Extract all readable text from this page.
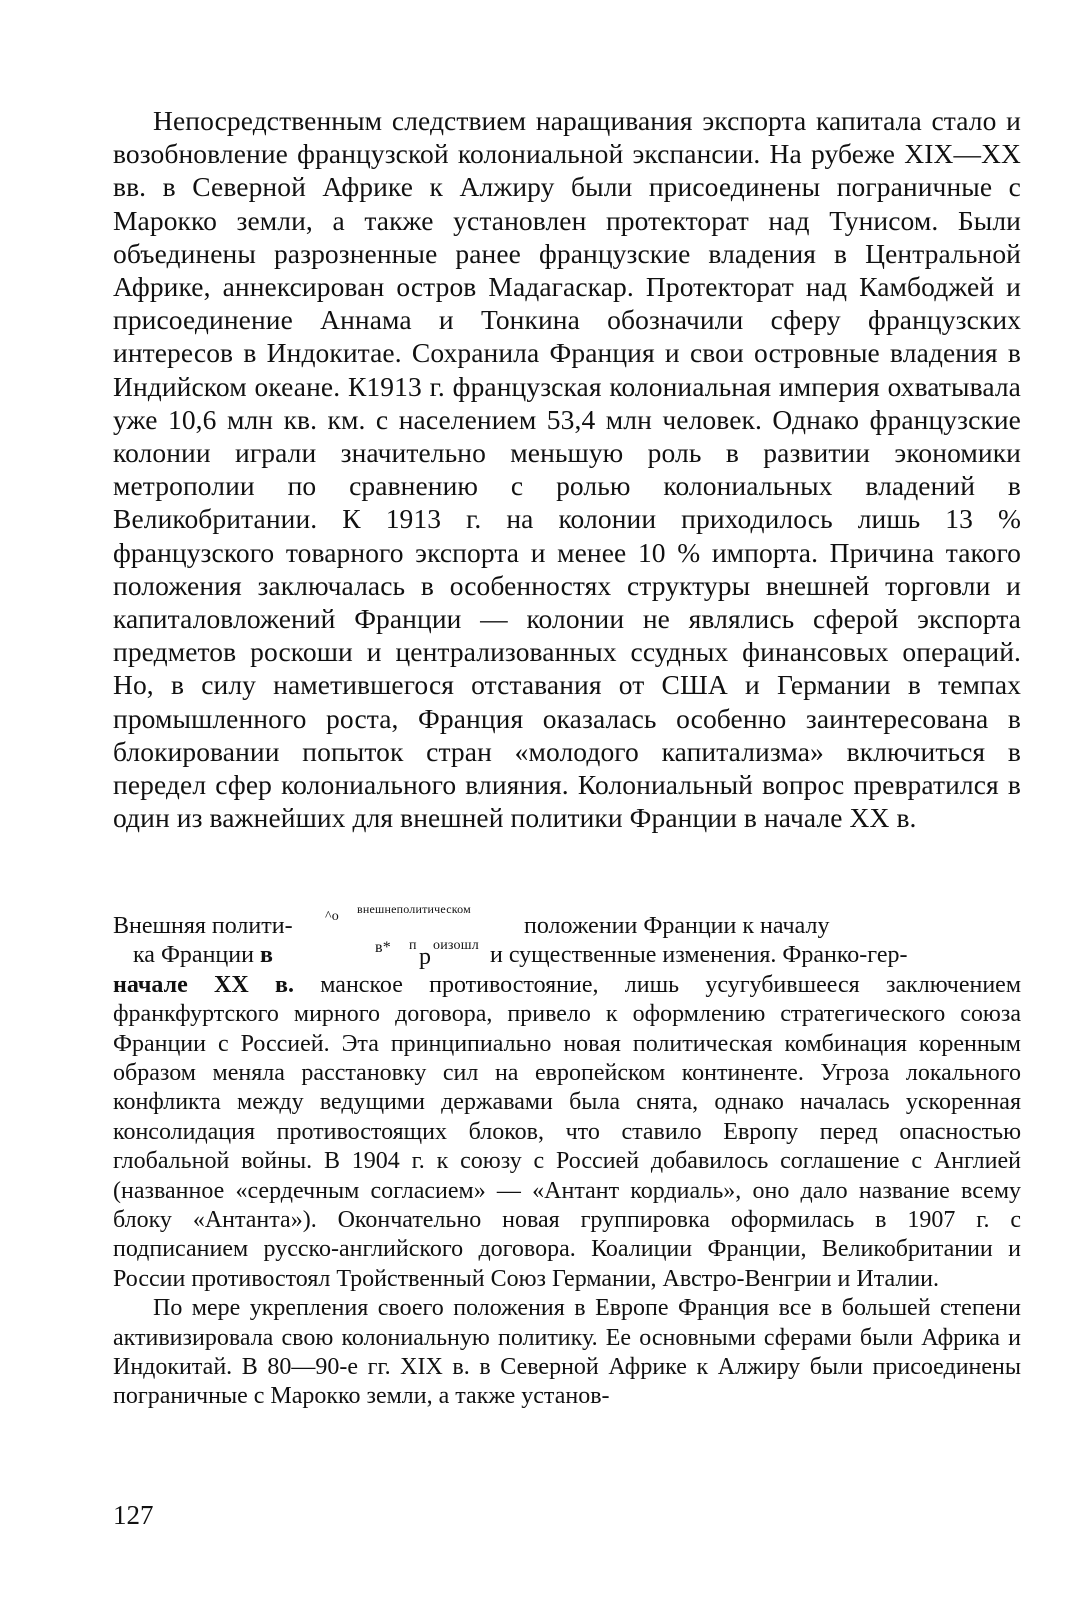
Непосредственным следствием наращивания экспорта капитала стало и возобновление французской колониальной экспансии. На рубеже XIX—XX вв. в Северной Африке к Алжиру были присоединены пограничные с Марокко земли, а также установлен протекторат над Тунисом. Были объединены разрозненные ранее французские владения в Центральной Африке, аннексирован остров Мадагаскар. Протекторат над Камбоджей и присоединение Аннама и Тонкина обозначили сферу французских интересов в Индокитае. Сохранила Франция и свои островные владения в Индийском океане. К1913 г. французская колониальная империя охватывала уже 10,6 млн кв. км. с населением 53,4 млн человек. Однако французские колонии играли значительно меньшую роль в развитии экономики метрополии по сравнению с ролью колониальных владений в Великобритании. К 1913 г. на колонии приходилось лишь 13 % французского товарного экспорта и менее 10 % импорта. Причина такого положения заключалась в особенностях структуры внешней торговли и капиталовложений Франции — колонии не являлись сферой экспорта предметов роскоши и централизованных ссудных финансовых операций. Но, в силу наметившегося отставания от США и Германии в темпах промышленного роста, Франция оказалась особенно заинтересована в блокировании попыток стран «молодого капитализма» включиться в передел сфер колониального влияния. Колониальный вопрос превратился в один из важнейших для внешней политики Франции в начале XX в.

Внешняя полити- ^о внешнеполитическом
положении Франции к началу
ка Франции в	в* п р оизошл и существенные изменения. Франко-гер-

начале XX в. манское противостояние, лишь усугубившееся заключением франкфуртского мирного договора, привело к оформлению стратегического союза Франции с Россией. Эта принципиально новая политическая комбинация коренным образом меняла расстановку сил на европейском континенте. Угроза локального конфликта между ведущими державами была снята, однако началась ускоренная консолидация противостоящих блоков, что ставило Европу перед опасностью глобальной войны. В 1904 г. к союзу с Россией добавилось соглашение с Англией (названное «сердечным согласием» — «Антант кордиаль», оно дало название всему блоку «Антанта»). Окончательно новая группировка оформилась в 1907 г. с подписанием русско-английского договора. Коалиции Франции, Великобритании и России противостоял Тройственный Союз Германии, Австро-Венгрии и Италии.

По мере укрепления своего положения в Европе Франция все в большей степени активизировала свою колониальную политику. Ее основными сферами были Африка и Индокитай. В 80—90-е гг. XIX в. в Северной Африке к Алжиру были присоединены пограничные с Марокко земли, а также установ-

127
